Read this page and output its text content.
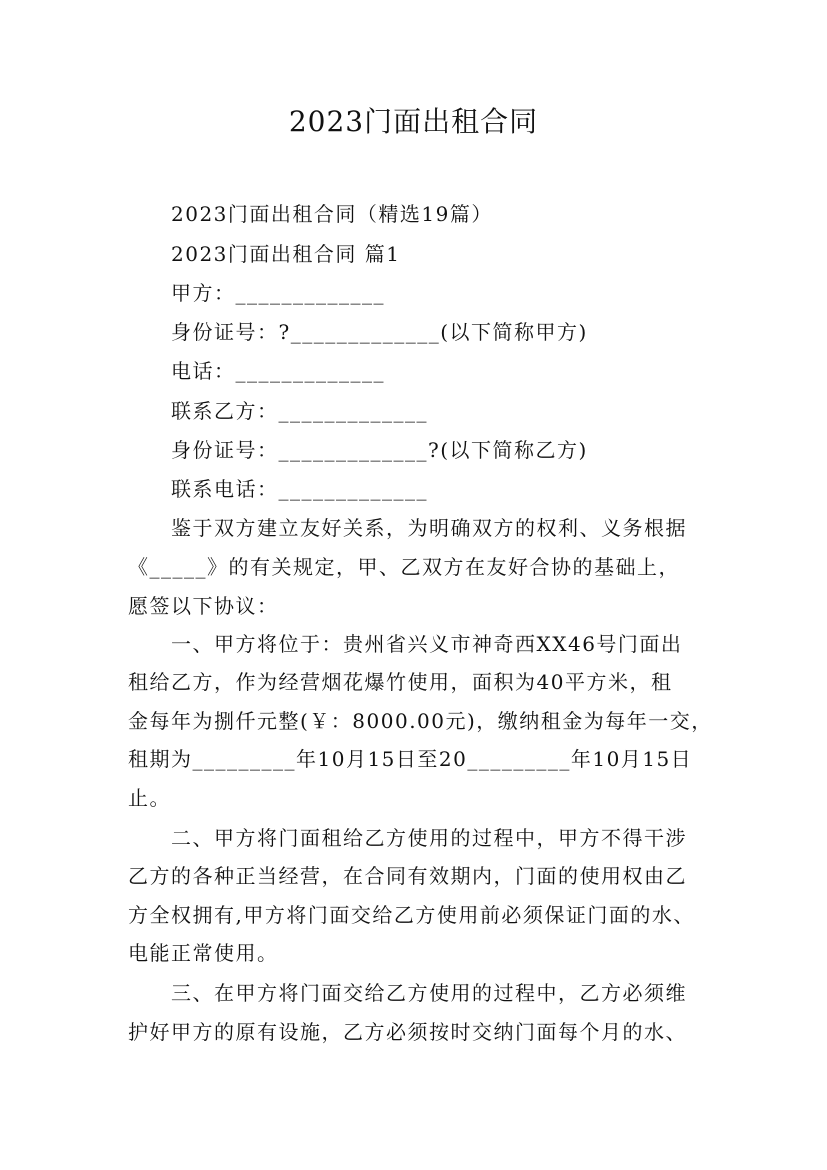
2023门面出租合同
2023门面出租合同（精选19篇）
2023门面出租合同 篇1
甲方：_____________
身份证号：?_____________(以下简称甲方)
电话：_____________
联系乙方：_____________
身份证号：_____________?(以下简称乙方)
联系电话：_____________
鉴于双方建立友好关系，为明确双方的权利、义务根据
《_____》的有关规定，甲、乙双方在友好合协的基础上，
愿签以下协议：
一、甲方将位于：贵州省兴义市神奇西XX46号门面出
租给乙方，作为经营烟花爆竹使用，面积为40平方米，租
金每年为捌仟元整(￥：8000.00元)，缴纳租金为每年一交，
租期为_________年10月15日至20_________年10月15日
止。
二、甲方将门面租给乙方使用的过程中，甲方不得干涉
乙方的各种正当经营，在合同有效期内，门面的使用权由乙
方全权拥有,甲方将门面交给乙方使用前必须保证门面的水、
电能正常使用。
三、在甲方将门面交给乙方使用的过程中，乙方必须维
护好甲方的原有设施，乙方必须按时交纳门面每个月的水、
